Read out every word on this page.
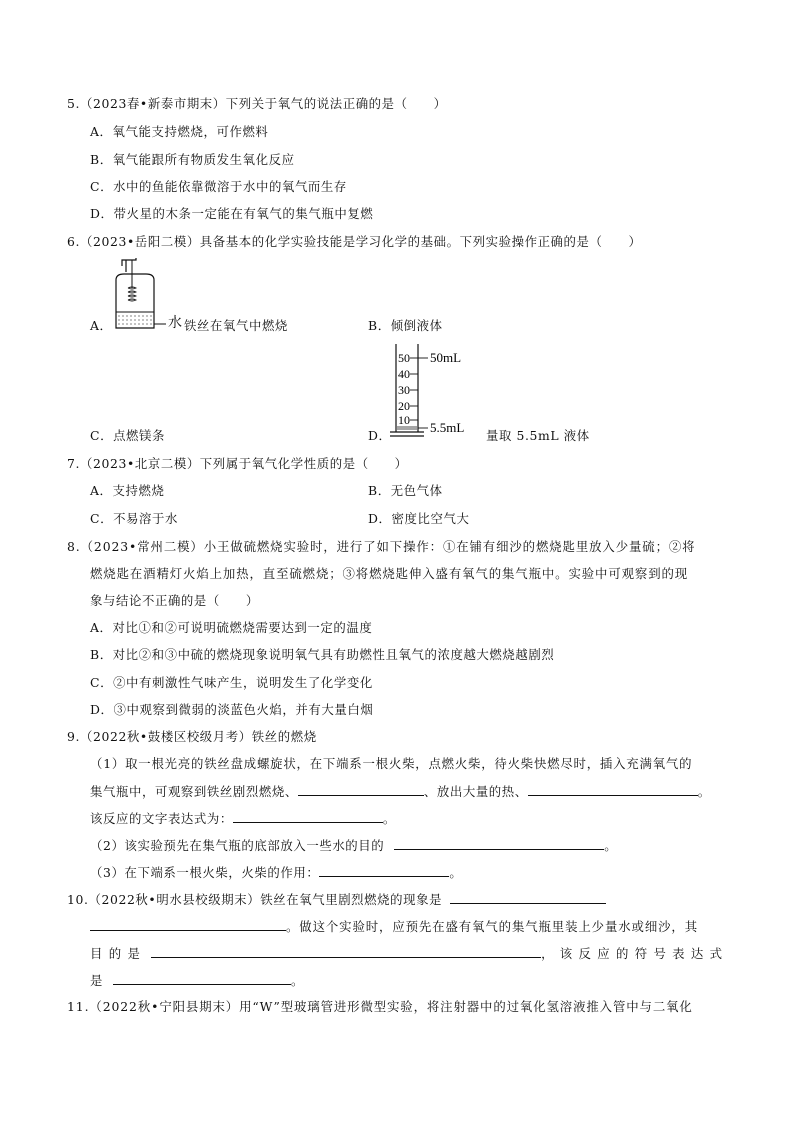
5.（2023春•新泰市期末）下列关于氧气的说法正确的是（　　）
A．氧气能支持燃烧，可作燃料
B．氧气能跟所有物质发生氧化反应
C．水中的鱼能依靠微溶于水中的氧气而生存
D．带火星的木条一定能在有氧气的集气瓶中复燃
6.（2023•岳阳二模）具备基本的化学实验技能是学习化学的基础。下列实验操作正确的是（　　）
A．	水 铁丝在氧气中燃烧	B．倾倒液体
50
40
30
20
10
50mL
5.5mL
C．点燃镁条	D．	量取 5.5mL 液体
7.（2023•北京二模）下列属于氧气化学性质的是（　　）
A．支持燃烧	B．无色气体
C．不易溶于水	D．密度比空气大
8.（2023•常州二模）小王做硫燃烧实验时，进行了如下操作：①在铺有细沙的燃烧匙里放入少量硫；②将
燃烧匙在酒精灯火焰上加热，直至硫燃烧；③将燃烧匙伸入盛有氧气的集气瓶中。实验中可观察到的现
象与结论不正确的是（　　）
A．对比①和②可说明硫燃烧需要达到一定的温度
B．对比②和③中硫的燃烧现象说明氧气具有助燃性且氧气的浓度越大燃烧越剧烈
C．②中有刺激性气味产生，说明发生了化学变化
D．③中观察到微弱的淡蓝色火焰，并有大量白烟
9.（2022秋•鼓楼区校级月考）铁丝的燃烧
（1）取一根光亮的铁丝盘成螺旋状，在下端系一根火柴，点燃火柴，待火柴快燃尽时，插入充满氧气的
集气瓶中，可观察到铁丝剧烈燃烧、	、放出大量的热、	。
该反应的文字表达式为：	。
（2）该实验预先在集气瓶的底部放入一些水的目的	。
（3）在下端系一根火柴，火柴的作用：	。
10.（2022秋•明水县校级期末）铁丝在氧气里剧烈燃烧的现象是
。做这个实验时，应预先在盛有氧气的集气瓶里装上少量水或细沙，其
目 的 是	， 该 反 应 的 符 号 表 达 式
是	。
11.（2022秋•宁阳县期末）用“W”型玻璃管进形微型实验，将注射器中的过氧化氢溶液推入管中与二氧化
